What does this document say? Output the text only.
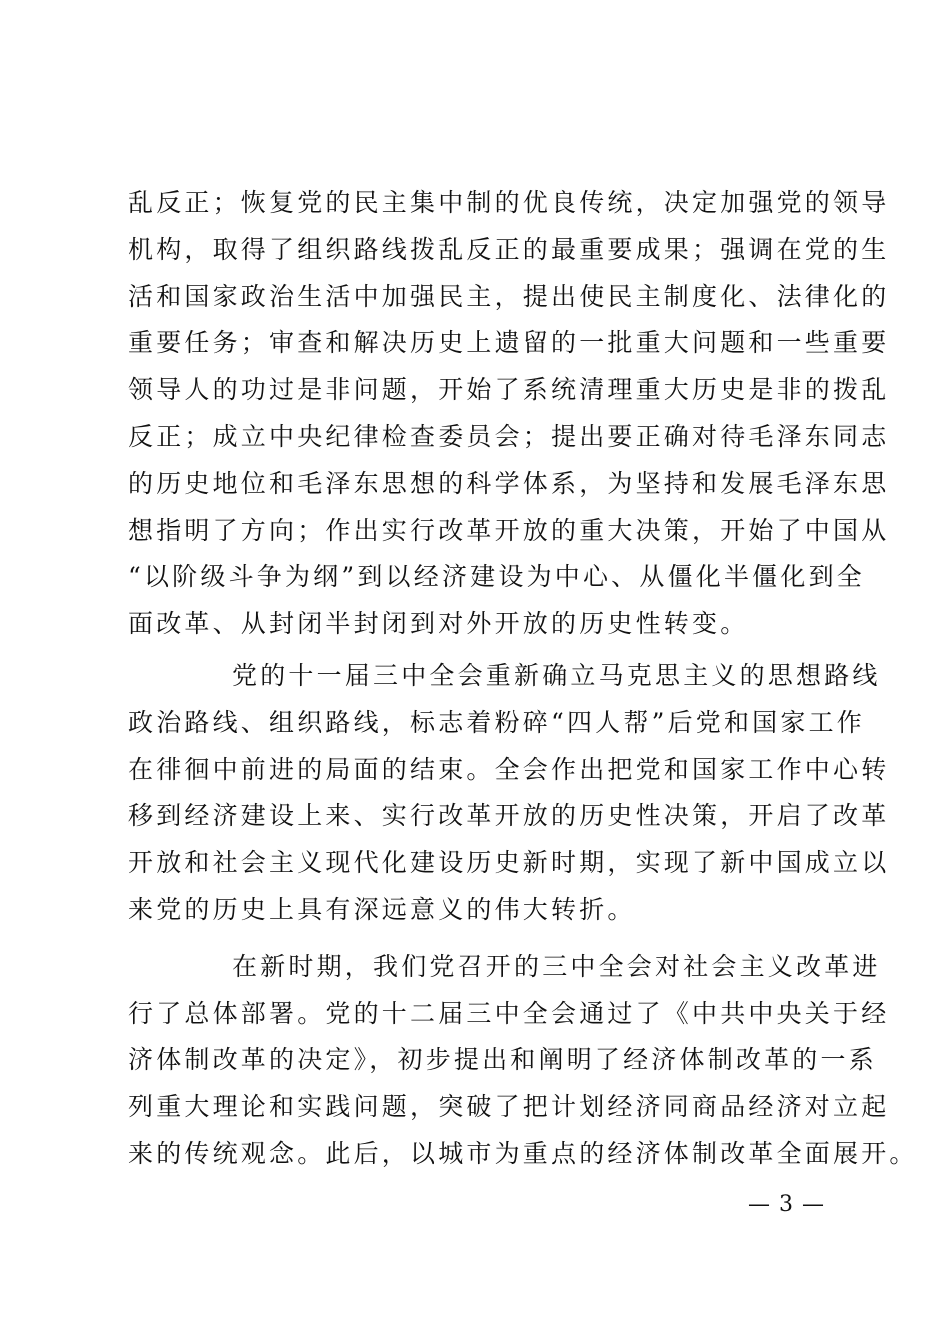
乱反正；恢复党的民主集中制的优良传统，决定加强党的领导
机构，取得了组织路线拨乱反正的最重要成果；强调在党的生
活和国家政治生活中加强民主，提出使民主制度化、法律化的
重要任务；审查和解决历史上遗留的一批重大问题和一些重要
领导人的功过是非问题，开始了系统清理重大历史是非的拨乱
反正；成立中央纪律检查委员会；提出要正确对待毛泽东同志
的历史地位和毛泽东思想的科学体系，为坚持和发展毛泽东思
想指明了方向；作出实行改革开放的重大决策，开始了中国从
“以阶级斗争为纲”到以经济建设为中心、从僵化半僵化到全
面改革、从封闭半封闭到对外开放的历史性转变。
党的十一届三中全会重新确立马克思主义的思想路线
政治路线、组织路线，标志着粉碎“四人帮”后党和国家工作
在徘徊中前进的局面的结束。全会作出把党和国家工作中心转
移到经济建设上来、实行改革开放的历史性决策，开启了改革
开放和社会主义现代化建设历史新时期，实现了新中国成立以
来党的历史上具有深远意义的伟大转折。
在新时期，我们党召开的三中全会对社会主义改革进
行了总体部署。党的十二届三中全会通过了《中共中央关于经
济体制改革的决定》，初步提出和阐明了经济体制改革的一系
列重大理论和实践问题，突破了把计划经济同商品经济对立起
来的传统观念。此后，以城市为重点的经济体制改革全面展开。
— 3 —
